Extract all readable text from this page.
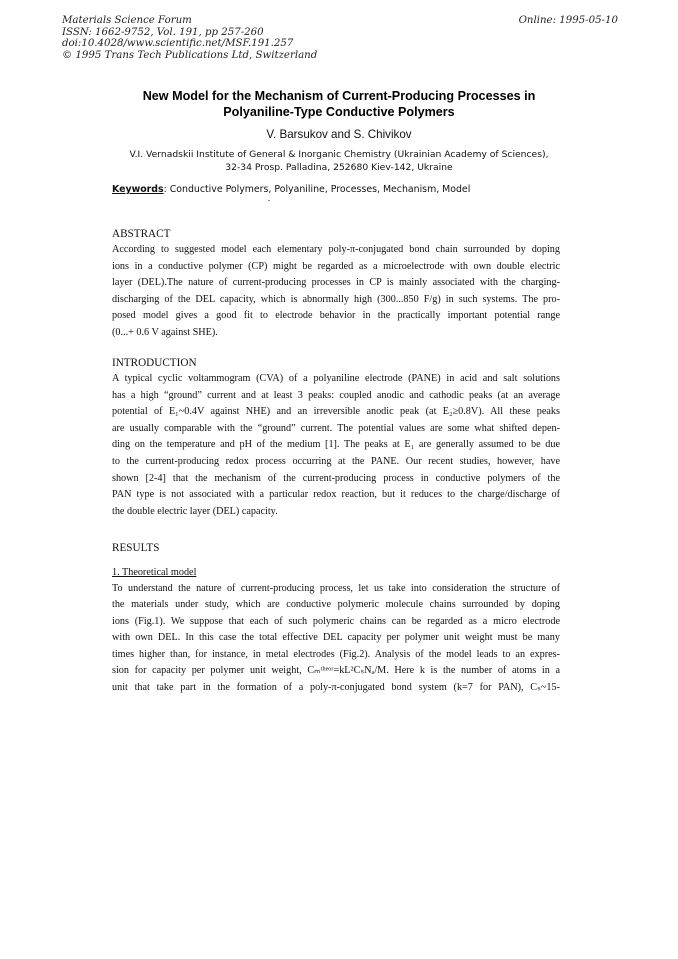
Materials Science Forum
ISSN: 1662-9752, Vol. 191, pp 257-260
doi:10.4028/www.scientific.net/MSF.191.257
© 1995 Trans Tech Publications Ltd, Switzerland
Online: 1995-05-10
New Model for the Mechanism of Current-Producing Processes in
Polyaniline-Type Conductive Polymers
V. Barsukov and S. Chivikov
V.I. Vernadskii Institute of General & Inorganic Chemistry (Ukrainian Academy of Sciences),
32-34 Prosp. Palladina, 252680 Kiev-142, Ukraine
Keywords: Conductive Polymers, Polyaniline, Processes, Mechanism, Model
ABSTRACT
According to suggested model each elementary poly-π-conjugated bond chain surrounded by doping
ions in a conductive polymer (CP) might be regarded as a microelectrode with own double electric
layer (DEL).The nature of current-producing processes in CP is mainly associated with the charging-
discharging of the DEL capacity, which is abnormally high (300...850 F/g) in such systems. The pro-
posed model gives a good fit to electrode behavior in the practically important potential range
(0...+ 0.6 V against SHE).
INTRODUCTION
A typical cyclic voltammogram (CVA) of a polyaniline electrode (PANE) in acid and salt solutions
has a high “ground” current and at least 3 peaks: coupled anodic and cathodic peaks (at an average
potential of E₁~0.4V against NHE) and an irreversible anodic peak (at E₂≥0.8V). All these peaks
are usually comparable with the “ground” current. The potential values are some what shifted depen-
ding on the temperature and pH of the medium [1]. The peaks at E₁ are generally assumed to be due
to the current-producing redox process occurring at the PANE. Our recent studies, however, have
shown [2-4] that the mechanism of the current-producing process in conductive polymers of the
PAN type is not associated with a particular redox reaction, but it reduces to the charge/discharge of
the double electric layer (DEL) capacity.
RESULTS
1. Theoretical model
To understand the nature of current-producing process, let us take into consideration the structure of
the materials under study, which are conductive polymeric molecule chains surrounded by doping
ions (Fig.1). We suppose that each of such polymeric chains can be regarded as a micro electrode
with own DEL. In this case the total effective DEL capacity per polymer unit weight must be many
times higher than, for instance, in metal electrodes (Fig.2). Analysis of the model leads to an expres-
sion for capacity per polymer unit weight, Cₘᵗʰᵉᵒʳ=kL²CₛNₐ/M. Here k is the number of atoms in a
unit that take part in the formation of a poly-π-conjugated bond system (k=7 for PAN), Cₛ~15-
